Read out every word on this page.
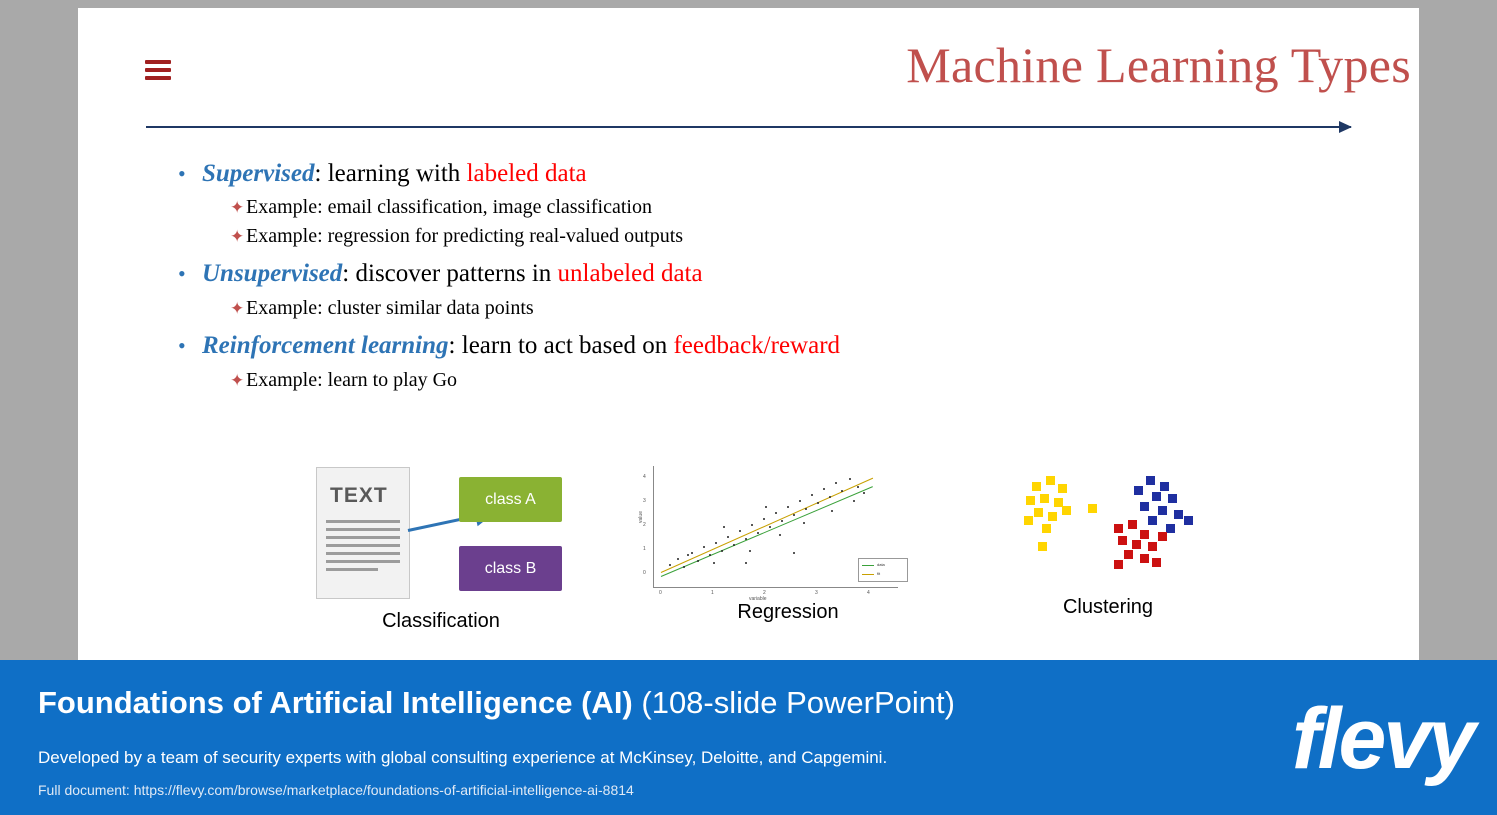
Machine Learning Types

• Supervised: learning with labeled data

✦Example: email classification, image classification

✦Example: regression for predicting real-valued outputs

• Unsupervised: discover patterns in unlabeled data

✦Example: cluster similar data points

• Reinforcement learning: learn to act based on feedback/reward

✦Example: learn to play Go

TEXT	class A
class B
Classification
value
variable
4
3
2
1
0
0	1	2	3	4
data
fit
Regression	Clustering
Foundations of Artificial Intelligence (AI) (108-slide PowerPoint)
Developed by a team of security experts with global consulting experience at McKinsey, Deloitte, and Capgemini.
Full document: https://flevy.com/browse/marketplace/foundations-of-artificial-intelligence-ai-8814
flevy
